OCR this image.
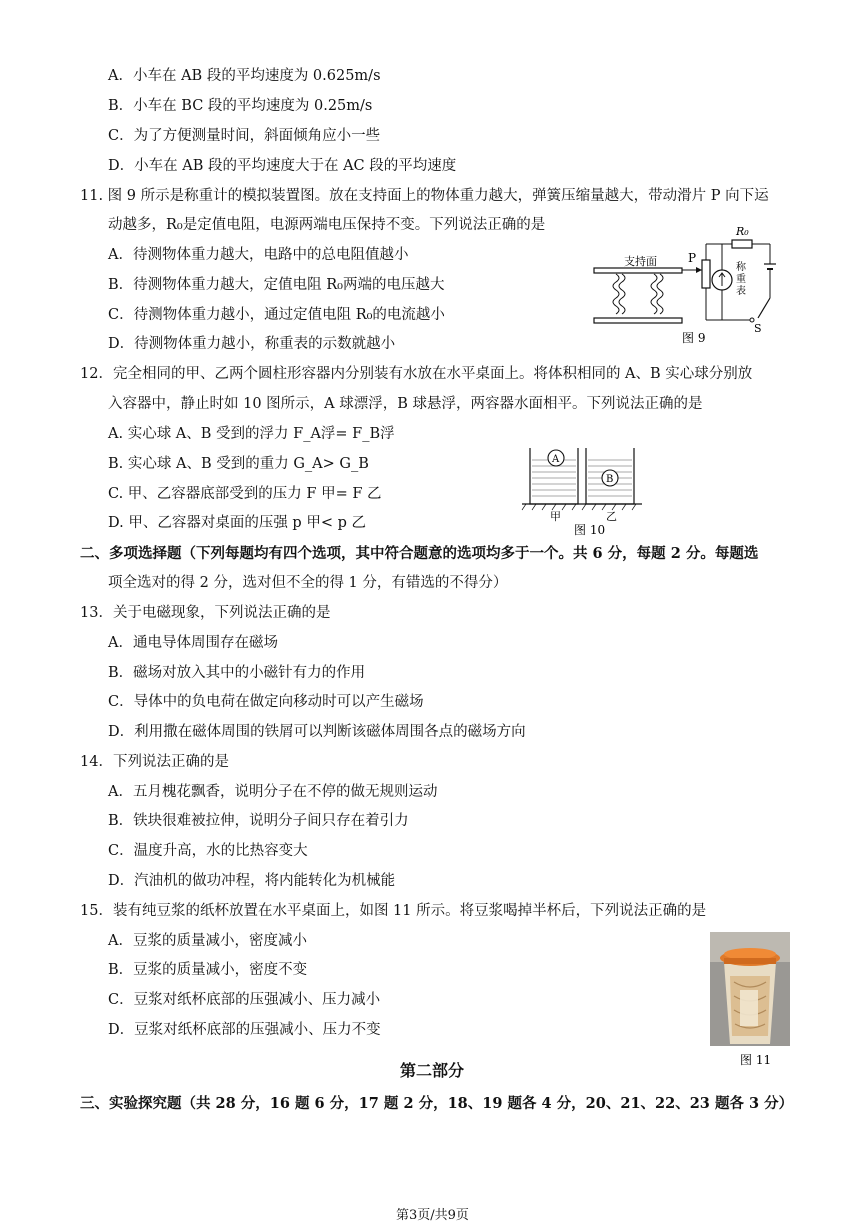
A．小车在 AB 段的平均速度为 0.625m/s
B．小车在 BC 段的平均速度为 0.25m/s
C．为了方便测量时间，斜面倾角应小一些
D．小车在 AB 段的平均速度大于在 AC 段的平均速度
11. 图 9 所示是称重计的模拟装置图。放在支持面上的物体重力越大，弹簧压缩量越大，带动滑片 P 向下运
动越多，R₀是定值电阻，电源两端电压保持不变。下列说法正确的是
A．待测物体重力越大，电路中的总电阻值越小
B．待测物体重力越大，定值电阻 R₀两端的电压越大
C．待测物体重力越小，通过定值电阻 R₀的电流越小
D．待测物体重力越小，称重表的示数就越小
支持面	P
R₀
称重表
S
图 9
12．完全相同的甲、乙两个圆柱形容器内分别装有水放在水平桌面上。将体积相同的 A、B 实心球分别放
入容器中，静止时如 10 图所示，A 球漂浮，B 球悬浮，两容器水面相平。下列说法正确的是
A. 实心球 A、B 受到的浮力 F_A浮= F_B浮
B. 实心球 A、B 受到的重力 G_A> G_B
C. 甲、乙容器底部受到的压力 F 甲= F 乙
D. 甲、乙容器对桌面的压强 p 甲< p 乙
A
B
甲	乙
图 10
二、多项选择题（下列每题均有四个选项，其中符合题意的选项均多于一个。共 6 分，每题 2 分。每题选
项全选对的得 2 分，选对但不全的得 1 分，有错选的不得分）
13．关于电磁现象，下列说法正确的是
A．通电导体周围存在磁场
B．磁场对放入其中的小磁针有力的作用
C．导体中的负电荷在做定向移动时可以产生磁场
D．利用撒在磁体周围的铁屑可以判断该磁体周围各点的磁场方向
14．下列说法正确的是
A．五月槐花飘香，说明分子在不停的做无规则运动
B．铁块很难被拉伸，说明分子间只存在着引力
C．温度升高，水的比热容变大
D．汽油机的做功冲程，将内能转化为机械能
15．装有纯豆浆的纸杯放置在水平桌面上，如图 11 所示。将豆浆喝掉半杯后，下列说法正确的是
A．豆浆的质量减小，密度减小
B．豆浆的质量减小，密度不变
C．豆浆对纸杯底部的压强减小、压力减小
D．豆浆对纸杯底部的压强减小、压力不变
图 11
第二部分
三、实验探究题（共 28 分，16 题 6 分，17 题 2 分，18、19 题各 4 分，20、21、22、23 题各 3 分）
第3页/共9页
